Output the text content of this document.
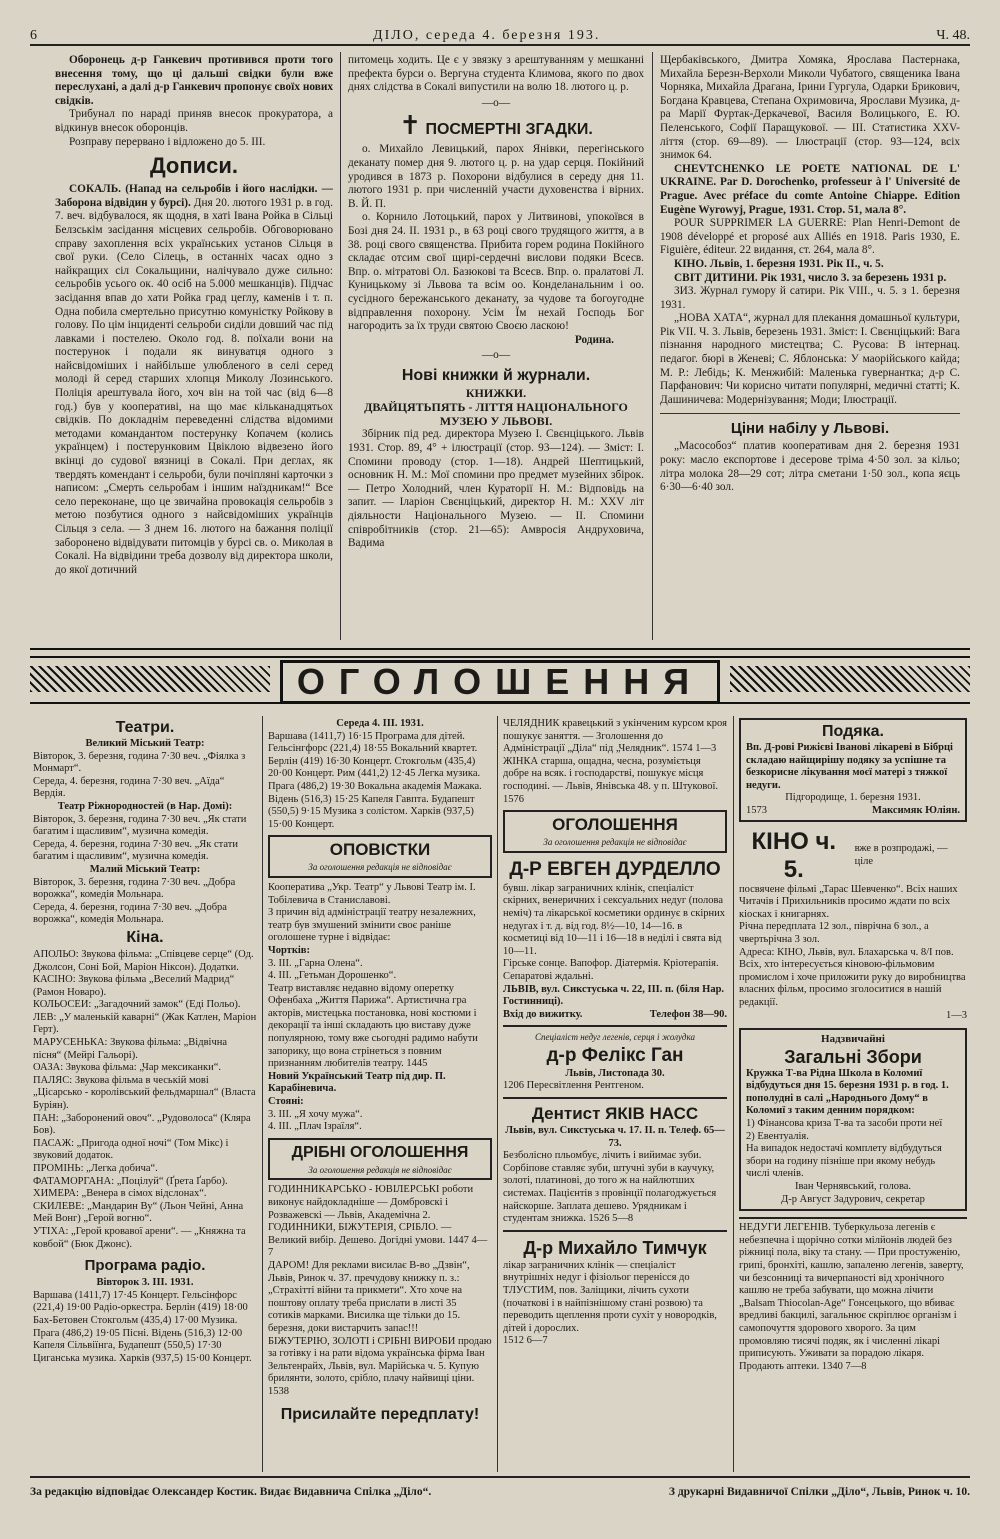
6	ДІЛО, середа 4. березня 193.	Ч. 48.

Оборонець д-р Ганкевич противився проти того внесення тому, що ці дальші свідки були вже переслухані, а далі д-р Ганкевич пропонує своїх нових свідків.

Трибунал по нараді приняв внесок прокуратора, а відкинув внесок оборонців.

Розправу перерванo і відложено до 5. III.

Дописи.

СОКАЛЬ. (Напад на сельробів і його наслідки. — Заборона відвідин у бурсі). Дня 20. лютого 1931 р. в год. 7. веч. відбувалося, як щодня, в хаті Івана Ройка в Сільці Белзськім засідання місцевих сельробів. Обговорювано справу захоплення всіх українських установ Сільця в свої руки. (Село Сілець, в останніх часах одно з найкращих сіл Сокальщини, налічувало дуже сильно: сельробів усього ок. 40 осіб на 5.000 мешканців). Підчас засідання впав до хати Ройка град цеглу, каменів і т. п. Одна побила смертельно присутню комуністку Ройкову в голову. По цім інциденті сельроби сиділи довший час під лавками і постелею. Около год. 8. поїхали вони на постерунок і подали як винуватця одного з найсвідоміших і найбільше улюбленого в селі серед молоді й серед старших хлопця Миколу Лозинського. Поліція арештувала його, хоч він на той час (від 6—8 год.) був у кооперативі, на що має кільканадцятьох свідків. По докладнім переведенні слідства відомими методами командантом постерунку Копачем (колись українцем) і постерунковим Цвіклою відвезено його вкінці до судової вязниці в Сокалі. При деглах, як твердять комендант і сельроби, були почіпляні карточки з написом: „Смерть сельробам і іншим наїздникам!“ Все село переконане, що це звичайна провокація сельробів з метою позбутися одного з найсвідоміших українців Сільця з села. — З днем 16. лютого на бажання поліції заборонено відвідувати питомців у бурсі св. о. Миколая в Сокалі. На відвідини треба дозволу від директора школи, до якої дотичний

питомець ходить. Це є у звязку з арештуванням у мешканні префекта бурси о. Вергуна студента Климова, якого по двох днях слідства в Сокалі випустили на волю 18. лютого ц. р.

—o—
✝ ПОСМЕРТНІ ЗГАДКИ.

о. Михайло Левицький, парох Янівки, перегінського деканату помер дня 9. лютого ц. р. на удар серця. Покійний уродився в 1873 р. Похорони відбулися в середу дня 11. лютого 1931 р. при численній участи духовенства і вірних. В. Й. П.

о. Корнило Лотоцький, парох у Литвинові, упокоївся в Бозі дня 24. II. 1931 р., в 63 році свого трудящого життя, а в 38. році свого священства. Прибита горем родина Покійного складає отсим свої щирі-сердечні вислови подяки Всесв. Впр. о. мітратові Ол. Базюкові та Всесв. Впр. о. пралатові Л. Куницькому зі Львова та всім оо. Конделанальним і оо. сусідного бережанського деканату, за чудове та богоугодне відправлення похорону. Усім Їм нехай Господь Бог нагородить за їх труди святою Своєю ласкою!

Родина.
—o—
Нові книжки й журнали.
КНИЖКИ.
ДВАЙЦЯТЬПЯТЬ - ЛІТТЯ НАЦІОНАЛЬНОГО МУЗЕЮ У ЛЬВОВІ.

Збірник під ред. директора Музею І. Свєнціцького. Львів 1931. Стор. 89, 4° + ілюстрації (стор. 93—124). — Зміст: І. Спомини проводу (стор. 1—18). Андрей Шептицький, основник Н. М.: Мої спомини про предмет музейних збірок. — Петро Холодний, член Кураторії Н. М.: Відповідь на запит. — Іларіон Свєнціцький, директор Н. М.: XXV літ діяльности Національного Музею. — II. Спомини співробітників (стор. 21—65): Амвросія Андруховича, Вадима

Щербаківського, Дмитра Хомяка, Ярослава Пастернака, Михайла Березн-Верхоли Миколи Чубатого, священика Івана Чорняка, Михайла Драгана, Ірини Гургула, Одарки Брикович, Богдана Кравцева, Степана Охримовича, Ярослави Музика, д-ра Марії Фуртак-Деркачевої, Василя Волицького, Е. Ю. Пеленського, Софії Паращукової. — III. Статистика XXV-ліття (стор. 69—89). — Ілюстрації (стор. 93—124, всіх знимок 64.

CHEVTCHENKO LE POETE NATIONAL DE L' UKRAINE. Par D. Dorochenko, professeur à l' Université de Prague. Avec préface du comte Antoine Chiappe. Edition Eugène Wyrowyj, Prague, 1931. Стор. 51, мала 8°.

POUR SUPPRIMER LA GUERRE: Plan Henri-Demont de 1908 développé et proposé aux Alliés en 1918. Paris 1930, E. Figuière, éditeur. 22 видання, ст. 264, мала 8°.

КІНО. Львів, 1. березня 1931. Рік II., ч. 5.

СВІТ ДИТИНИ. Рік 1931, число 3. за березень 1931 р.

ЗИЗ. Журнал гумору й сатири. Рік VIII., ч. 5. з 1. березня 1931.

„НОВА ХАТА“, журнал для плекання домашньої культури, Рік VII. Ч. 3. Львів, березень 1931. Зміст: І. Свєнціцький: Вага пізнання народного мистецтва; С. Русова: В інтернац. педагог. бюрі в Женеві; С. Яблонська: У маорійського кайда; М. Р.: Лебідь; К. Менжибій: Маленька гувернантка; д-р С. Парфанович: Чи корисно читати популярні, медичні статті; К. Дашиничева: Модернізування; Моди; Ілюстрації.

Ціни набілу у Львові.

„Масособоз“ платив кооперативам дня 2. березня 1931 року: масло експортове і десерове тріма 4·50 зол. за кільо; літра молока 28—29 сот; літра сметани 1·50 зол., копа яєць 6·30—6·40 зол.

ОГОЛОШЕННЯ
Театри.
Великий Міський Театр:

Вівторок, 3. березня, година 7·30 веч. „Фіялка з Монмарт“.

Середа, 4. березня, година 7·30 веч. „Аїда“ Вердія.

Театр Ріжнородностей (в Нар. Домі):

Вівторок, 3. березня, година 7·30 веч. „Як стати багатим і щасливим“, музична комедія.

Середа, 4. березня, година 7·30 веч. „Як стати багатим і щасливим“, музична комедія.

Малий Міський Театр:

Вівторок, 3. березня, година 7·30 веч. „Добра ворожка“, комедія Мольнара.

Середа, 4. березня, година 7·30 веч. „Добра ворожка“, комедія Мольнара.

Кіна.

АПОЛЬО: Звукова фільма: „Співцеве серце“ (Од. Джолсон, Соні Бой, Маріон Ніксон). Додатки.

КАСІНО: Звукова фільма „Веселий Мадрид“ (Рамон Новаро).

КОЛЬОСЕИ: „Загадочний замок“ (Еді Польо).

ЛЕВ: „У маленькій каварні“ (Жак Катлен, Маріон Герт).

МАРУСЕНЬКА: Звукова фільма: „Відвічна пісня“ (Мейрі Гальорі).

ОАЗА: Звукова фільма: „Чар мексиканки“.

ПАЛЯС: Звукова фільма в чеській мові „Цісарсько - королівський фельдмаршал“ (Власта Буріян).

ПАН: „Заборонений овоч“. „Рудоволоса“ (Кляра Бов).

ПАСАЖ: „Пригода одної ночі“ (Том Мікс) і звуковий додаток.

ПРОМІНЬ: „Легка добича“.

ФАТАМОРГАНА: „Поцілуй“ (Ґрета Ґарбо).

ХИМЕРА: „Венера в сімох відслонах“.

СКИЛЕВЕ: „Мандарин Ву“ (Льон Чейні, Анна Мей Вонг) „Герой вогню“.

УТІХА: „Герой кровавої арени“. — „Княжна та ковбой“ (Бюк Джонс).

Програма радіо.
Вівторок 3. III. 1931.

Варшава (1411,7) 17·45 Концерт. Гельсінфорс (221,4) 19·00 Радіо-оркестра. Берлін (419) 18·00 Бах-Бетовен Стокгольм (435,4) 17·00 Музика. Прага (486,2) 19·05 Пісні. Відень (516,3) 12·00 Капеля Сільвіїнга, Будапешт (550,5) 17·30 Циганська музика. Харків (937,5) 15·00 Концерт.

Середа 4. III. 1931.

Варшава (1411,7) 16·15 Програма для дітей. Гельсінгфорс (221,4) 18·55 Вокальний квартет. Берлін (419) 16·30 Концерт. Стокгольм (435,4) 20·00 Концерт. Рим (441,2) 12·45 Легка музика. Прага (486,2) 19·30 Вокальна академія Мажака. Відень (516,3) 15·25 Капеля Гавпта. Будапешт (550,5) 9·15 Музика з солістом. Харків (937,5) 15·00 Концерт.

ОПОВІСТКИ
За оголошення редакція не відповідає

Кооператива „Укр. Театр“ у Львові Театр ім. І. Тобілевича в Станиславові.

З причин від адміністрації театру незалежних, театр був змушений змінити своє раніше оголошене турне і відвідає:

Чортків:
3. III. „Гарна Олена“.
4. III. „Гетьман Дорошенко“.

Театр виставляє недавно відому оперетку Офенбаха „Життя Парижа“. Артистична гра акторів, мистецька постановка, нові костюми і декорації та інші складають цю виставу дуже популярною, тому вже сьогодні радимо набути запорику, що вона стрінеться з повним признанням любителів театру. 1445

Новий Український Театр під дир. П. Карабіневича.

Стояні:
3. III. „Я хочу мужа“.
4. III. „Плач Ізраїля“.
ДРІБНІ ОГОЛОШЕННЯ
За оголошення редакція не відповідає

ГОДИННИКАРСЬКО - ЮВІЛЕРСЬКІ роботи виконує найдокладніше — Домбровскі і Розважевскі — Львів, Академічна 2. ГОДИННИКИ, БІЖУТЕРІЯ, СРІБЛО. — Великий вибір. Дешево. Догідні умови. 1447 4—7

ДАРОМ! Для реклами висилає В-во „Дзвін“, Львів, Ринок ч. 37. пречудову книжку п. з.: „Страхітті війни та прикмети“. Хто хоче на поштову оплату треба прислати в листі 35 сотиків марками. Висилка ще тільки до 15. березня, доки вистарчить запас!!!

БІЖУТЕРІЮ, ЗОЛОТІ і СРІБНІ ВИРОБИ продаю за готівку і на рати відома українська фірма Іван Зельтенрайх, Львів, вул. Марійська ч. 5. Купую брилянти, золото, срібло, плачу найвищі ціни. 1538

Присилайте передплату!

ЧЕЛЯДНИК кравецький з укінченим курсом кроя пошукує заняття. — Зголошення до Адміністрації „Діла“ під „Челядник“. 1574 1—3

ЖІНКА старша, ощадна, чесна, розумієтьця добре на всяк. і господарстві, пошукує місця господині. — Львів, Янівська 48. у п. Штукової. 1576

ОГОЛОШЕННЯ
За оголошення редакція не відповідає
Д-Р ЕВГЕН ДУРДЕЛЛО

бувш. лікар заграничних клінік, спеціаліст скірних, венеричних і сексуальних недуг (полова неміч) та лікарської косметики ординує в скірних недугах і т. д. від год. 8½—10, 14—16. в косметиці від 10—11 і 16—18 в неділі і свята від 10—11.

Гірське сонце. Вапофор. Діатермія. Кріотерапія. Сепаратові ждальні.

ЛЬВІВ, вул. Сикстуська ч. 22, III. п. (біля Нар. Гостинниці).

Вхід до вижитку.	Телефон 38—90.
Спеціаліст недуг легенів, серця і жолудка
д-р Фелікс Ган
Львів, Листопада 30.
1206 Пересвітлення Рентгеном.
Дентист ЯКІВ НАСС
Львів, вул. Сикстуська ч. 17. II. п. Телеф. 65—73.

Безболісно пльомбує, лічить і вийимає зуби. Сорбіпове ставляє зуби, штучні зуби в каучуку, золоті, платинові, до того ж на найлютших системах. Пацієнтів з провінції полагоджується найскорше. Заплата дешево. Урядникам і студентам знижка. 1526 5—8

Д-р Михайло Тимчук

лікар заграничних клінік — спеціаліст внутрішніх недуг і фізіольог перенісся до ТЛУСТИМ, пов. Заліщики, лічить сухоти (початкові і в найпізнішому стані розвою) та переводить щеплення проти сухіт у новородків, дітей і дорослих.

1512 6—7
Подяка.

Вп. Д-рові Рижієві Іванові лікареві в Бібрці складаю найщирішу подяку за успішне та безкорисне лікування моєї матері з тяжкої недуги.

Підгородище, 1. березня 1931.
1573	Максимяк Юліян.
КІНО ч. 5.
вже в розпродажі, — ціле

посвячене фільмі „Тарас Шевченко“. Всіх наших Читачів і Прихильників просимо ждати по всіх кіосках і книгарнях.

Річна передплата 12 зол., піврічна 6 зол., а чвертьрічна 3 зол.

Адреса: КІНО, Львів, вул. Блахарська ч. 8/I пов.

Всіх, хто інтересується кіновою-фільмовим промислом і хоче приложити руку до виробництва власних фільм, просимо зголоситися в нашій редакції.

1—3
Надзвичайні
Загальні Збори

Кружка Т-ва Рідна Школа в Коломиї відбудуться дня 15. березня 1931 р. в год. 1. пополудні в салі „Народнього Дому“ в Коломиї з таким денним порядком:

1) Фінансова криза Т-ва та засоби проти неї
2) Евентуалія.

На випадок недостачі комплету відбудуться збори на годину пізніше при якому небудь числі членів.

Іван Чернявський, голова.
Д-р Август Задурович, секретар

НЕДУГИ ЛЕГЕНІВ. Туберкульоза легенів є небезпечна і щорічно сотки мілйонів людей без ріжниці пола, віку та стану. — При простуженію, грипі, бронхіті, кашлю, запаленю легенів, заверту, чи безсонниці та вичерпаності від хронічного кашлю не треба забувати, що можна лічити „Balsam Thiocolan-Age“ Гонсецького, що вбиває вредливі бакцилі, загальнює скріплює організм і самопочуття здорового хворого. За цим промовляю тисячі подяк, як і численні лікарі приписують. Уживати за порадою лікаря. Продають аптеки. 1340 7—8

За редакцію відповідає Олександер Костик. Видає Видавнича Спілка „Діло“.	З друкарні Видавничої Спілки „Діло“, Львів, Ринок ч. 10.
